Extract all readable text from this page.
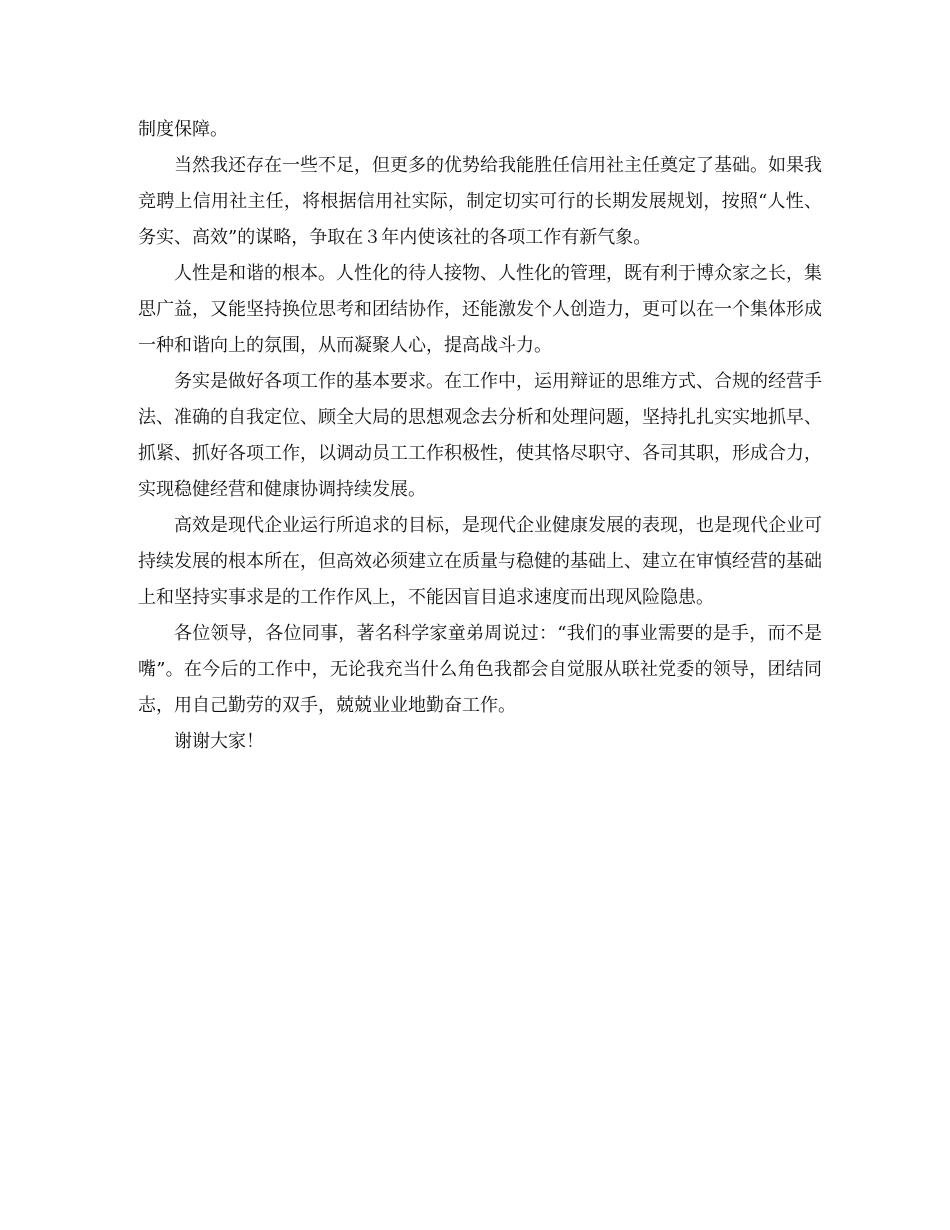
制度保障。

当然我还存在一些不足，但更多的优势给我能胜任信用社主任奠定了基础。如果我竞聘上信用社主任，将根据信用社实际，制定切实可行的长期发展规划，按照“人性、务实、高效”的谋略，争取在３年内使该社的各项工作有新气象。

人性是和谐的根本。人性化的待人接物、人性化的管理，既有利于博众家之长，集思广益，又能坚持换位思考和团结协作，还能激发个人创造力，更可以在一个集体形成一种和谐向上的氛围，从而凝聚人心，提高战斗力。

务实是做好各项工作的基本要求。在工作中，运用辩证的思维方式、合规的经营手法、准确的自我定位、顾全大局的思想观念去分析和处理问题，坚持扎扎实实地抓早、抓紧、抓好各项工作，以调动员工工作积极性，使其恪尽职守、各司其职，形成合力，实现稳健经营和健康协调持续发展。

高效是现代企业运行所追求的目标，是现代企业健康发展的表现，也是现代企业可持续发展的根本所在，但高效必须建立在质量与稳健的基础上、建立在审慎经营的基础上和坚持实事求是的工作作风上，不能因盲目追求速度而出现风险隐患。

各位领导，各位同事，著名科学家童弟周说过：“我们的事业需要的是手，而不是嘴”。在今后的工作中，无论我充当什么角色我都会自觉服从联社党委的领导，团结同志，用自己勤劳的双手，兢兢业业地勤奋工作。

谢谢大家！
